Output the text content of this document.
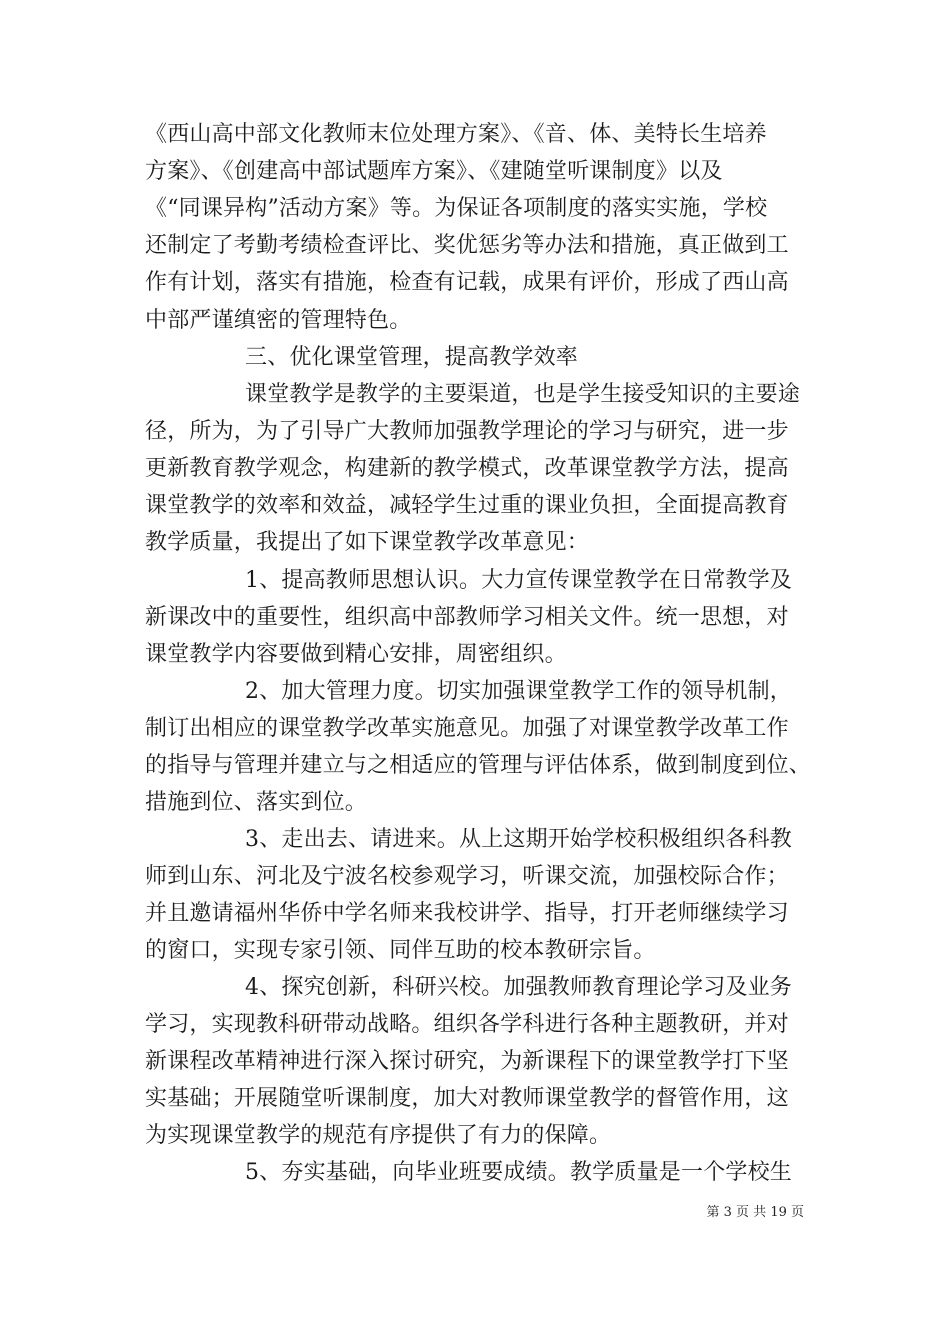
《西山高中部文化教师末位处理方案》、《音、体、美特长生培养
方案》、《创建高中部试题库方案》、《建随堂听课制度》以及
《“同课异构”活动方案》等。为保证各项制度的落实实施，学校
还制定了考勤考绩检查评比、奖优惩劣等办法和措施，真正做到工
作有计划，落实有措施，检查有记载，成果有评价，形成了西山高
中部严谨缜密的管理特色。
三、优化课堂管理，提高教学效率
课堂教学是教学的主要渠道，也是学生接受知识的主要途
径，所为，为了引导广大教师加强教学理论的学习与研究，进一步
更新教育教学观念，构建新的教学模式，改革课堂教学方法，提高
课堂教学的效率和效益，减轻学生过重的课业负担，全面提高教育
教学质量，我提出了如下课堂教学改革意见：
1、提高教师思想认识。大力宣传课堂教学在日常教学及
新课改中的重要性，组织高中部教师学习相关文件。统一思想，对
课堂教学内容要做到精心安排，周密组织。
2、加大管理力度。切实加强课堂教学工作的领导机制，
制订出相应的课堂教学改革实施意见。加强了对课堂教学改革工作
的指导与管理并建立与之相适应的管理与评估体系，做到制度到位、
措施到位、落实到位。
3、走出去、请进来。从上这期开始学校积极组织各科教
师到山东、河北及宁波名校参观学习，听课交流，加强校际合作；
并且邀请福州华侨中学名师来我校讲学、指导，打开老师继续学习
的窗口，实现专家引领、同伴互助的校本教研宗旨。
4、探究创新，科研兴校。加强教师教育理论学习及业务
学习，实现教科研带动战略。组织各学科进行各种主题教研，并对
新课程改革精神进行深入探讨研究，为新课程下的课堂教学打下坚
实基础；开展随堂听课制度，加大对教师课堂教学的督管作用，这
为实现课堂教学的规范有序提供了有力的保障。
5、夯实基础，向毕业班要成绩。教学质量是一个学校生
第 3 页 共 19 页
